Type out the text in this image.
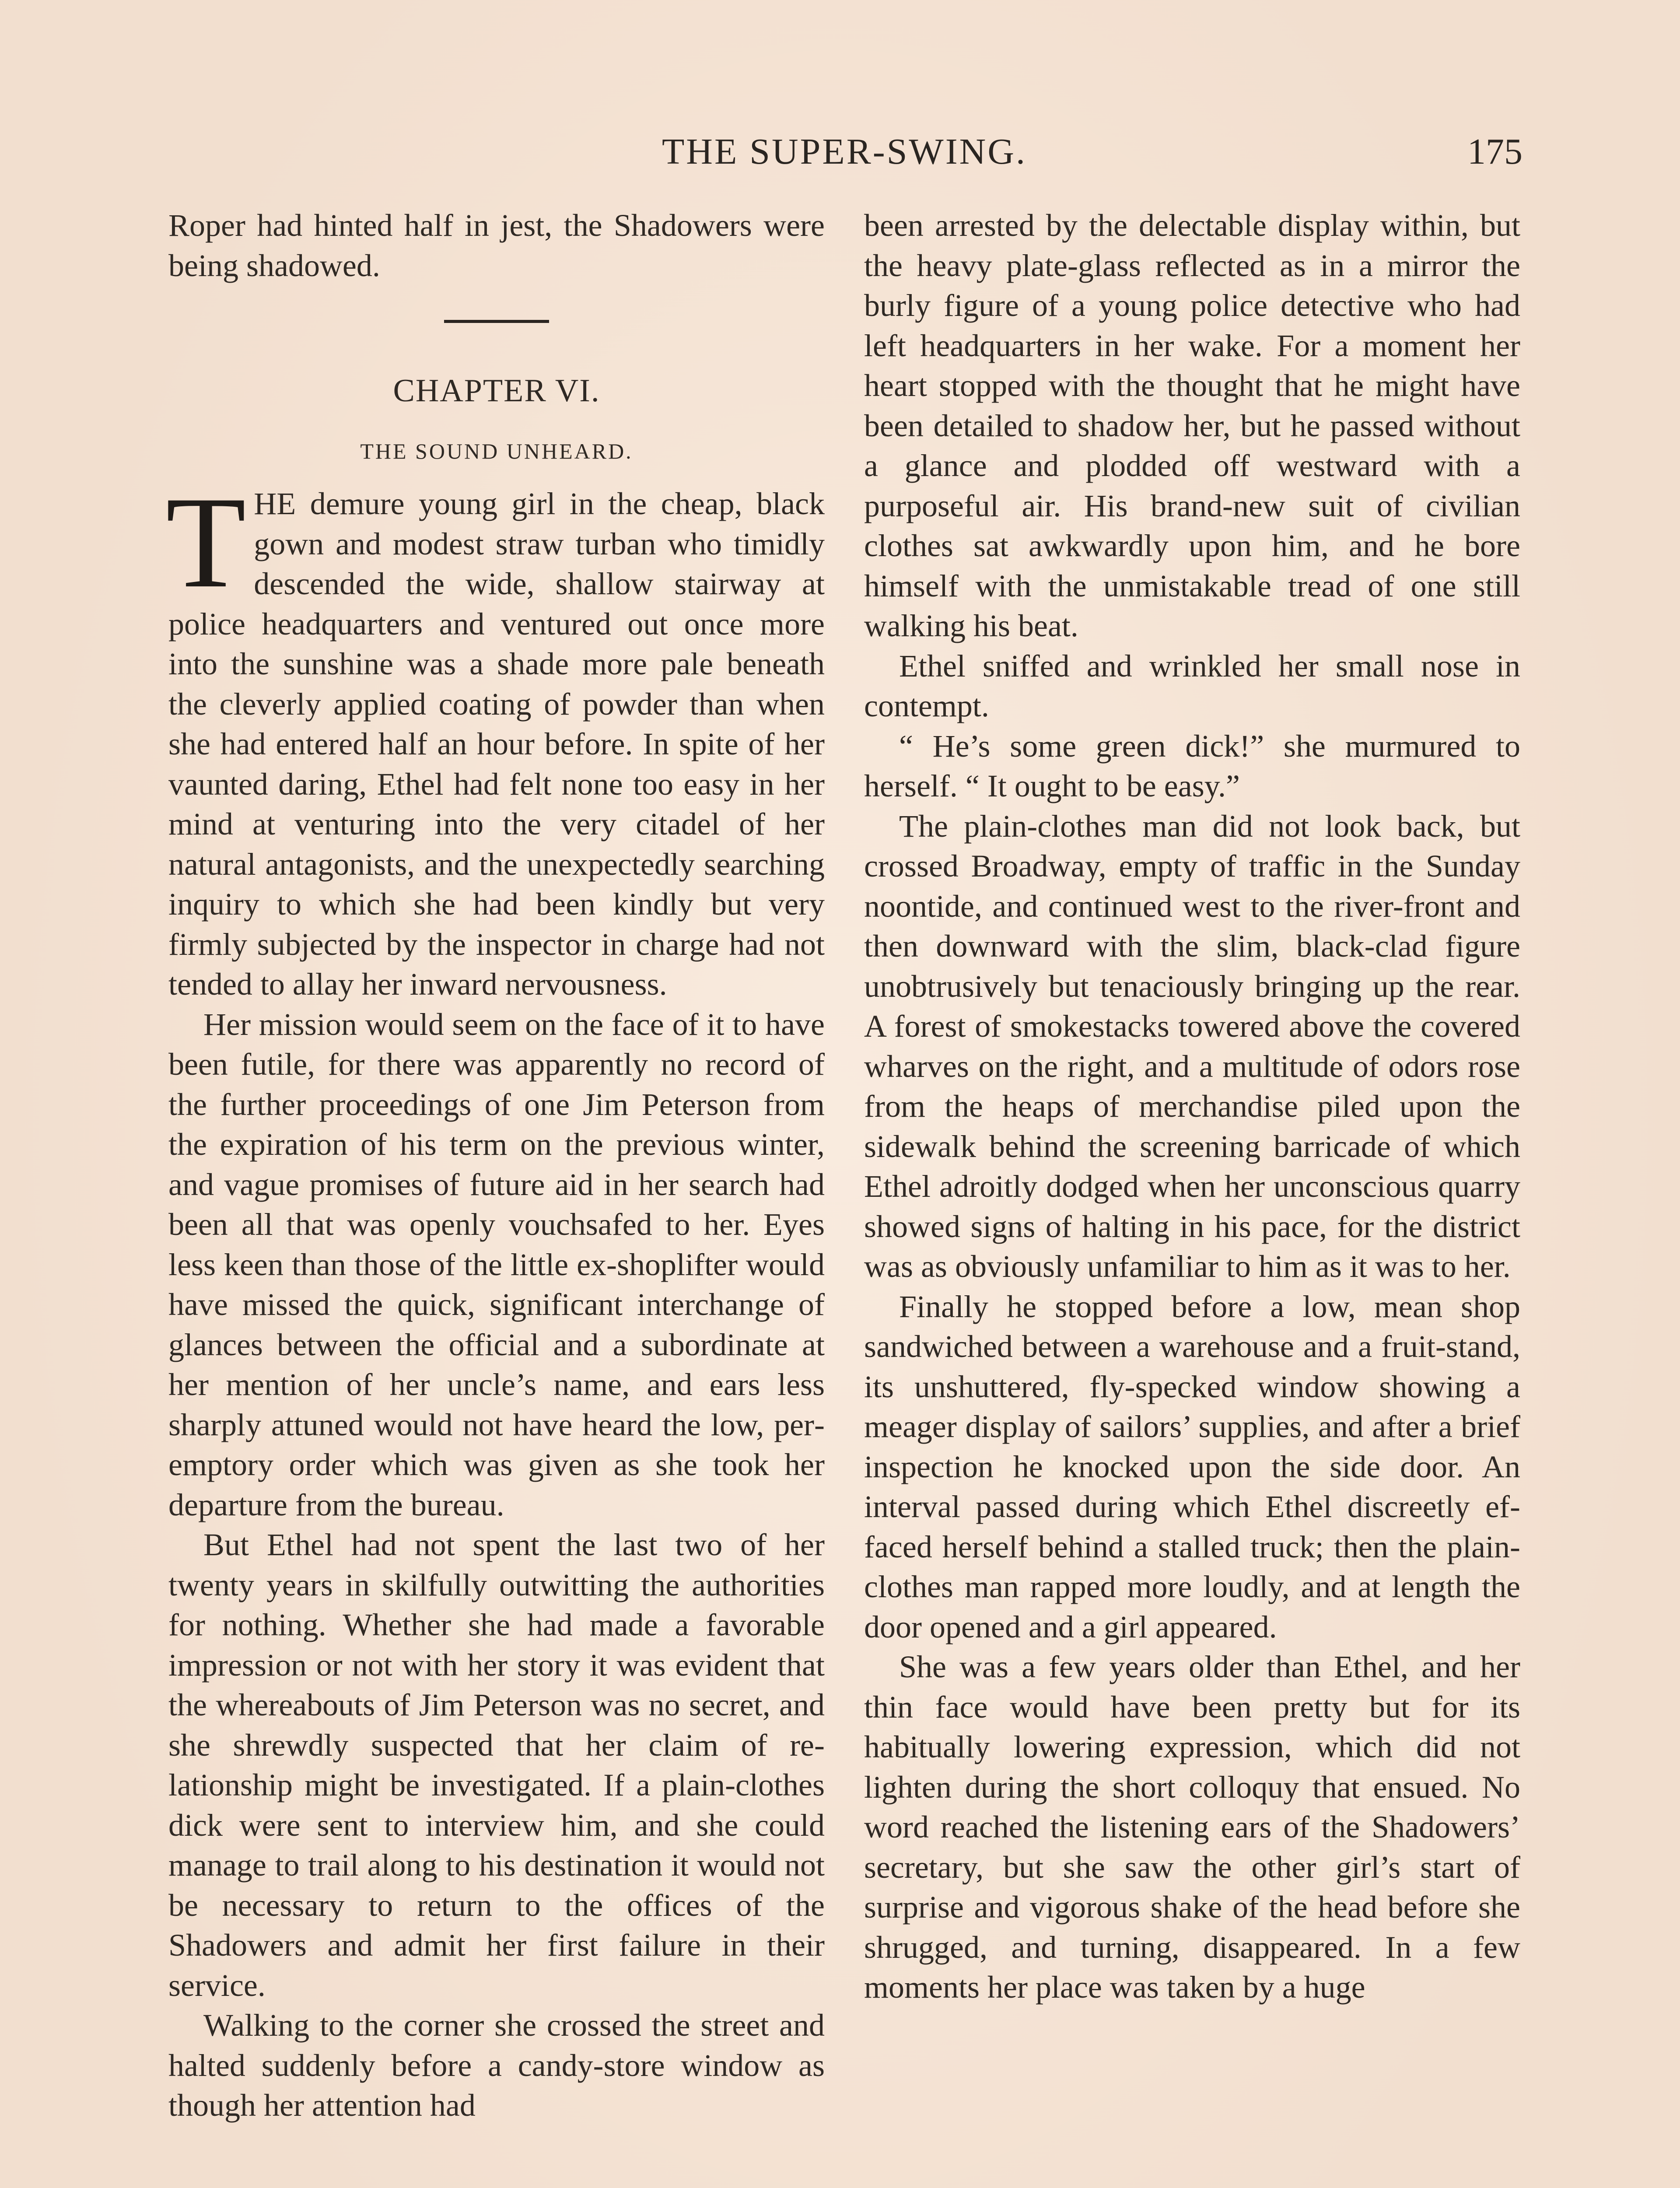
THE SUPER-SWING.	175

Roper had hinted half in jest, the Shadowers were being shadowed.

CHAPTER VI.
THE SOUND UNHEARD.

THE demure young girl in the cheap, black gown and modest straw turban who timidly descended the wide, shallow stairway at police headquarters and ventured out once more into the sunshine was a shade more pale beneath the cleverly applied coating of powder than when she had entered half an hour before. In spite of her vaunted daring, Ethel had felt none too easy in her mind at venturing into the very citadel of her natural antagonists, and the unexpectedly searching inquiry to which she had been kindly but very firmly subjected by the inspector in charge had not tended to allay her inward nervousness.

Her mission would seem on the face of it to have been futile, for there was apparently no record of the further proceedings of one Jim Peterson from the expiration of his term on the previous winter, and vague promises of future aid in her search had been all that was openly vouchsafed to her. Eyes less keen than those of the little ex-shoplifter would have missed the quick, significant interchange of glances between the official and a subordinate at her mention of her uncle’s name, and ears less sharply attuned would not have heard the low, peremptory order which was given as she took her departure from the bureau.

But Ethel had not spent the last two of her twenty years in skilfully outwitting the authorities for nothing. Whether she had made a favorable impression or not with her story it was evident that the whereabouts of Jim Peterson was no secret, and she shrewdly suspected that her claim of relationship might be investigated. If a plain-clothes dick were sent to interview him, and she could manage to trail along to his destination it would not be necessary to return to the offices of the Shadowers and admit her first failure in their service.

Walking to the corner she crossed the street and halted suddenly before a candy-store window as though her attention had

been arrested by the delectable display within, but the heavy plate-glass reflected as in a mirror the burly figure of a young police detective who had left headquarters in her wake. For a moment her heart stopped with the thought that he might have been detailed to shadow her, but he passed without a glance and plodded off westward with a purposeful air. His brand-new suit of civilian clothes sat awkwardly upon him, and he bore himself with the unmistakable tread of one still walking his beat.

Ethel sniffed and wrinkled her small nose in contempt.

“ He’s some green dick!” she murmured to herself. “ It ought to be easy.”

The plain-clothes man did not look back, but crossed Broadway, empty of traffic in the Sunday noontide, and continued west to the river-front and then downward with the slim, black-clad figure unobtrusively but tenaciously bringing up the rear. A forest of smokestacks towered above the covered wharves on the right, and a multitude of odors rose from the heaps of merchandise piled upon the sidewalk behind the screening barricade of which Ethel adroitly dodged when her unconscious quarry showed signs of halting in his pace, for the district was as obviously unfamiliar to him as it was to her.

Finally he stopped before a low, mean shop sandwiched between a warehouse and a fruit-stand, its unshuttered, fly-specked window showing a meager display of sailors’ supplies, and after a brief inspection he knocked upon the side door. An interval passed during which Ethel discreetly effaced herself behind a stalled truck; then the plain-clothes man rapped more loudly, and at length the door opened and a girl appeared.

She was a few years older than Ethel, and her thin face would have been pretty but for its habitually lowering expression, which did not lighten during the short colloquy that ensued. No word reached the listening ears of the Shadowers’ secretary, but she saw the other girl’s start of surprise and vigorous shake of the head before she shrugged, and turning, disappeared. In a few moments her place was taken by a huge
